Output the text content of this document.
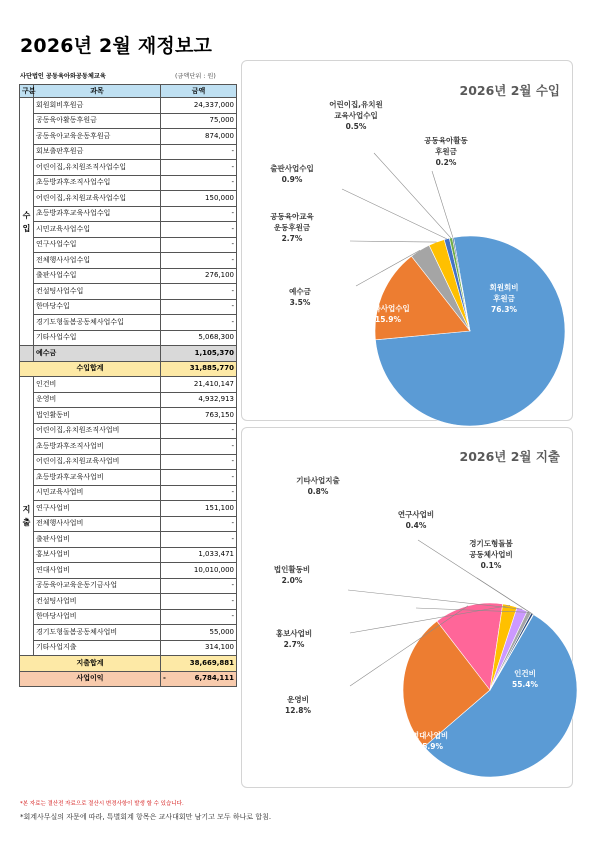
2026년 2월 재정보고
사단법인 공동육아와공동체교육	(금액단위 : 원)
구분	과목	금액
수
입	회원회비후원금	24,337,000
	공동육아활동후원금	75,000
	공동육아교육운동후원금	874,000
	회보출판후원금	-
	어린이집,유치원조직사업수입	-
	초등방과후조직사업수입	-
	어린이집,유치원교육사업수입	150,000
	초등방과후교육사업수입	-
	시민교육사업수입	-
	연구사업수입	-
	전체행사사업수입	-
	출판사업수입	276,100
	컨설팅사업수입	-
	한마당수입	-
	경기도형돌봄공동체사업수입	-
	기타사업수입	5,068,300
	예수금	1,105,370
수입합계		31,885,770
지
출	인건비	21,410,147
	운영비	4,932,913
	법인활동비	763,150
	어린이집,유치원조직사업비	-
	초등방과후조직사업비	-
	어린이집,유치원교육사업비	-
	초등방과후교육사업비	-
	시민교육사업비	-
	연구사업비	151,100
	전체행사사업비	-
	출판사업비	-
	홍보사업비	1,033,471
	연대사업비	10,010,000
	공동육아교육운동기금사업	-
	컨설팅사업비	-
	한마당사업비	-
	경기도형돌봄공동체사업비	55,000
	기타사업지출	314,100
지출합계		38,669,881
사업이익		- 6,784,111
*본 자료는 결산전 자료으로 결산시 변경사항이 발생 할 수 있습니다.
*회계사무실의 자문에 따라, 특별회계 항목은 교사대회만 남기고 모두 하나로 합침.
2026년 2월 수입
회원회비 후원금 76.3%
기타사업수입 15.9%
예수금 3.5%
공동육아교육 운동후원금 2.7%
출판사업수입 0.9%
어린이집,유치원 교육사업수입 0.5%
공동육아활동 후원금 0.2%
2026년 2월 지출
인건비 55.4%
연대사업비 25.9%
운영비 12.8%
홍보사업비 2.7%
법인활동비 2.0%
기타사업지출 0.8%
연구사업비 0.4%
경기도형돌봄 공동체사업비 0.1%
